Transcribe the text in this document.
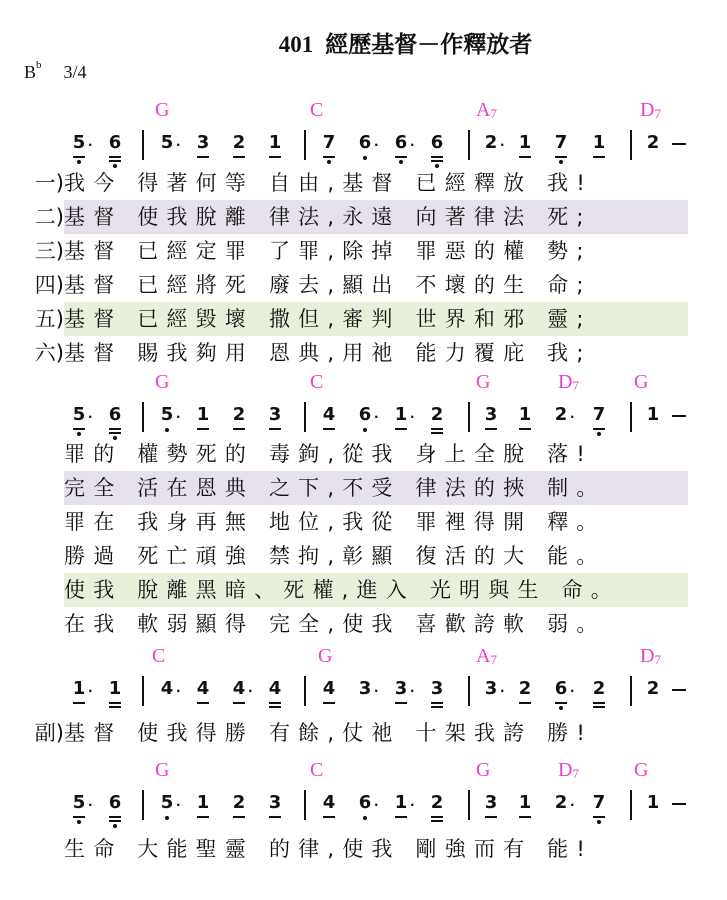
401 經歷基督－作釋放者
$B^b$ 3/4
G	C	$A_7$	$D_7$
5 · 6 5 · 3 2 1 7 6 · 6 · 6 2 · 1 7 1 2
G	C	G	$D_7$	G
5 · 6 5 · 1 2 3 4 6 · 1 · 2 3 1 2 · 7 1
C	G	$A_7$	$D_7$
1 · 1 4 · 4 4 · 4 4 3 · 3 · 3 3 · 2 6 · 2 2
G	C	G	$D_7$	G
5 · 6 5 · 1 2 3 4 6 · 1 · 2 3 1 2 · 7 1
一)我今 得著何等 自由,基督 已經釋放 我!
二)基督 使我脫離 律法,永遠 向著律法 死;
三)基督 已經定罪 了罪,除掉 罪惡的權 勢;
四)基督 已經將死 廢去,顯出 不壞的生 命;
五)基督 已經毀壞 撒但,審判 世界和邪 靈;
六)基督 賜我夠用 恩典,用祂 能力覆庇 我;
罪的 權勢死的 毒鉤,從我 身上全脫 落!
完全 活在恩典 之下,不受 律法的挾 制。
罪在 我身再無 地位,我從 罪裡得開 釋。
勝過 死亡頑強 禁拘,彰顯 復活的大 能。
使我 脫離黑暗、死權,進入 光明與生 命。
在我 軟弱顯得 完全,使我 喜歡誇軟 弱。
副)基督 使我得勝 有餘,仗祂 十架我誇 勝!
生命 大能聖靈 的律,使我 剛強而有 能!
